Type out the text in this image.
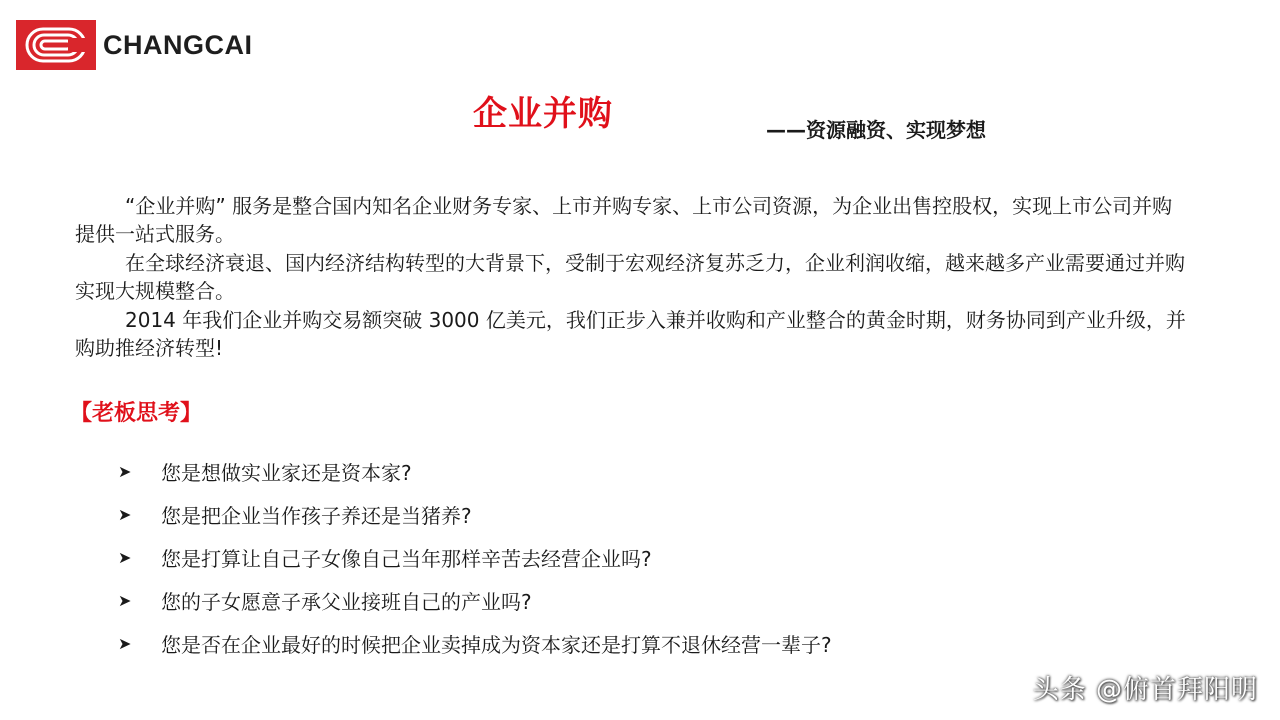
CHANGCAI
企业并购	——资源融资、实现梦想

“企业并购” 服务是整合国内知名企业财务专家、上市并购专家、上市公司资源，为企业出售控股权，实现上市公司并购提供一站式服务。

在全球经济衰退、国内经济结构转型的大背景下，受制于宏观经济复苏乏力，企业利润收缩，越来越多产业需要通过并购实现大规模整合。

2014 年我们企业并购交易额突破 3000 亿美元，我们正步入兼并收购和产业整合的黄金时期，财务协同到产业升级，并购助推经济转型!

【老板思考】
➤	您是想做实业家还是资本家?
➤	您是把企业当作孩子养还是当猪养?
➤	您是打算让自己子女像自己当年那样辛苦去经营企业吗?
➤	您的子女愿意子承父业接班自己的产业吗?
➤	您是否在企业最好的时候把企业卖掉成为资本家还是打算不退休经营一辈子?
头条 @俯首拜阳明
